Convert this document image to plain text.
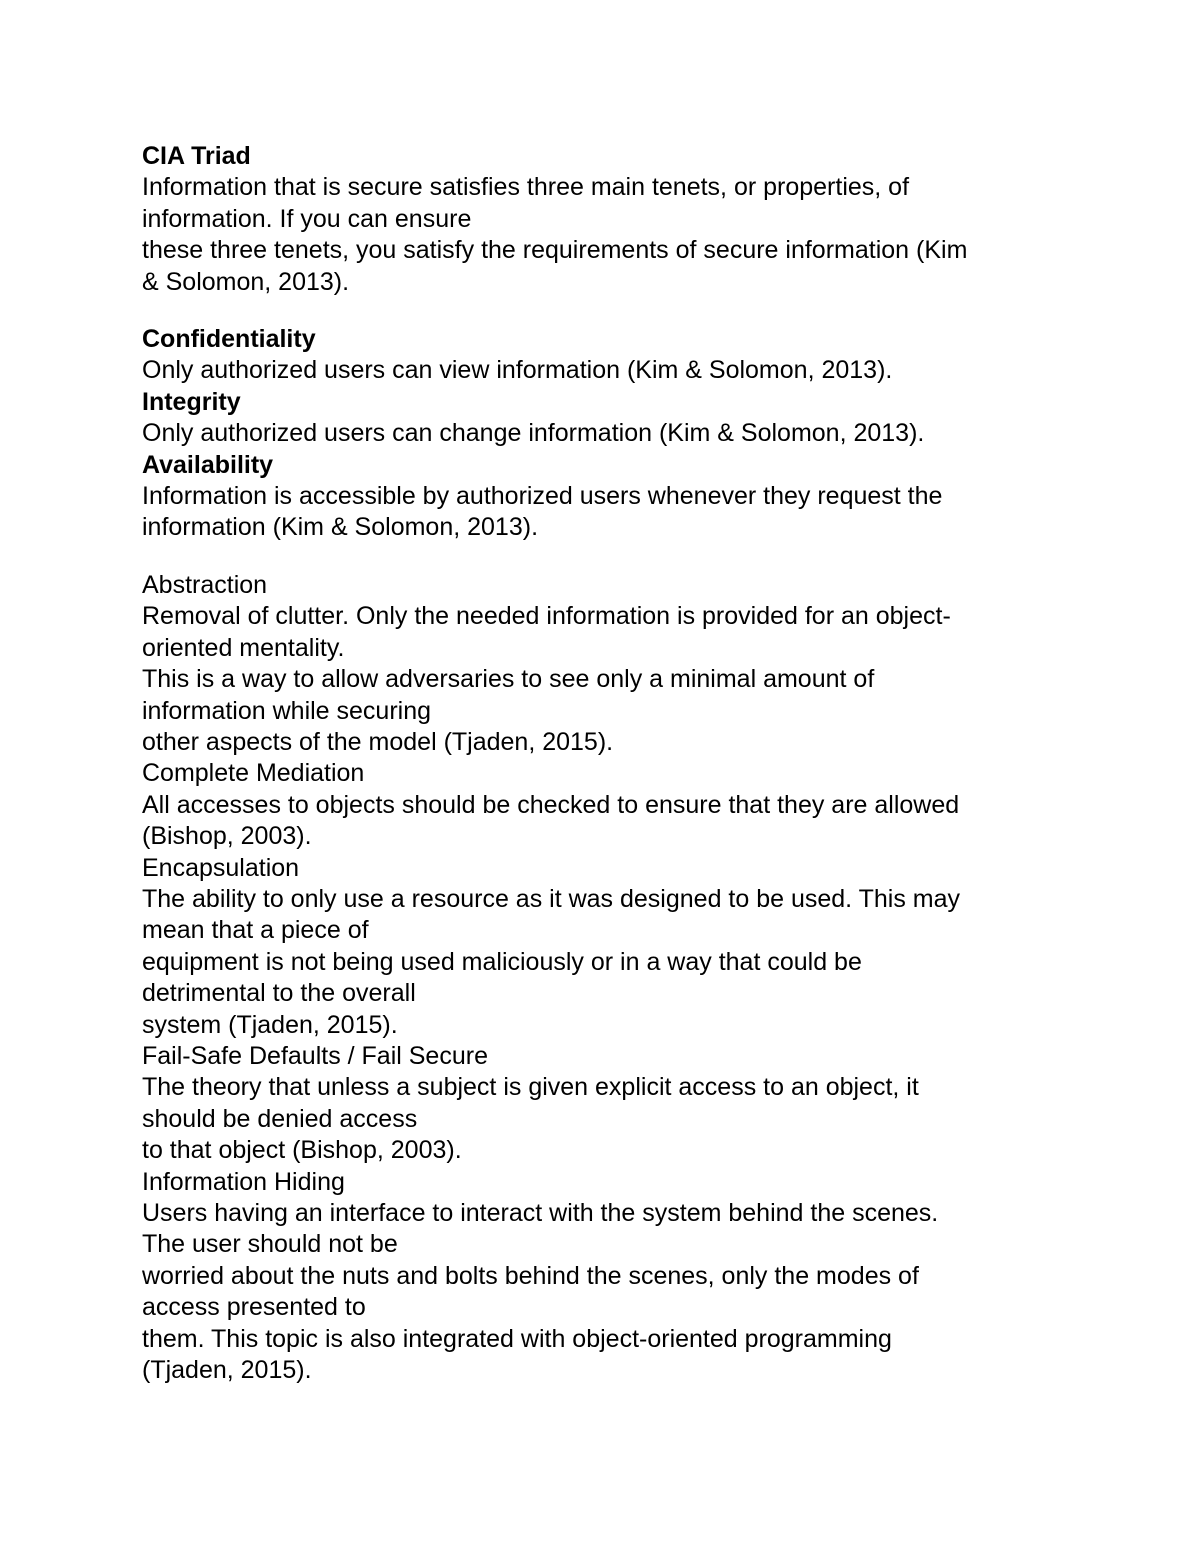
CIA Triad
Information that is secure satisfies three main tenets, or properties, of
information. If you can ensure
these three tenets, you satisfy the requirements of secure information (Kim
& Solomon, 2013).
Confidentiality
Only authorized users can view information (Kim & Solomon, 2013).
Integrity
Only authorized users can change information (Kim & Solomon, 2013).
Availability
Information is accessible by authorized users whenever they request the
information (Kim & Solomon, 2013).
Abstraction
Removal of clutter. Only the needed information is provided for an object-
oriented mentality.
This is a way to allow adversaries to see only a minimal amount of
information while securing
other aspects of the model (Tjaden, 2015).
Complete Mediation
All accesses to objects should be checked to ensure that they are allowed
(Bishop, 2003).
Encapsulation
The ability to only use a resource as it was designed to be used. This may
mean that a piece of
equipment is not being used maliciously or in a way that could be
detrimental to the overall
system (Tjaden, 2015).
Fail-Safe Defaults / Fail Secure
The theory that unless a subject is given explicit access to an object, it
should be denied access
to that object (Bishop, 2003).
Information Hiding
Users having an interface to interact with the system behind the scenes.
The user should not be
worried about the nuts and bolts behind the scenes, only the modes of
access presented to
them. This topic is also integrated with object-oriented programming
(Tjaden, 2015).
